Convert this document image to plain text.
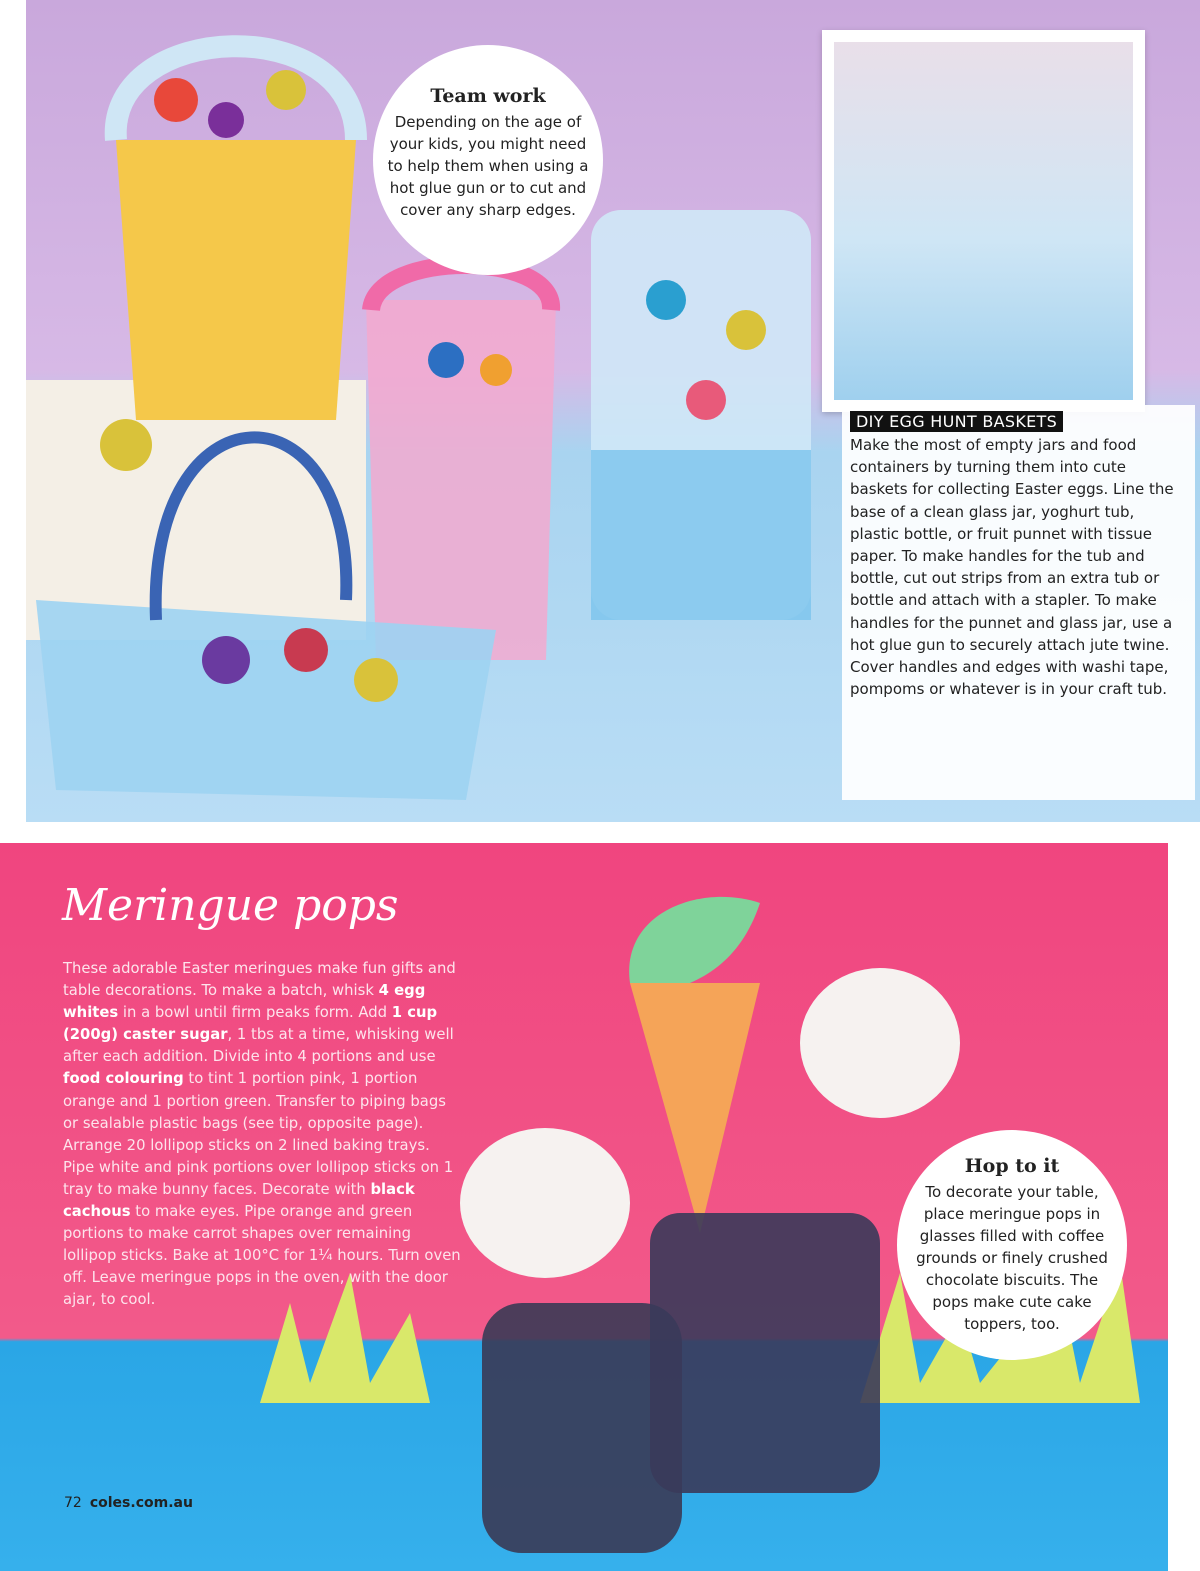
Team work

Depending on the age of your kids, you might need to help them when using a hot glue gun or to cut and cover any sharp edges.

DIY EGG HUNT BASKETS

Make the most of empty jars and food containers by turning them into cute baskets for collecting Easter eggs. Line the base of a clean glass jar, yoghurt tub, plastic bottle, or fruit punnet with tissue paper. To make handles for the tub and bottle, cut out strips from an extra tub or bottle and attach with a stapler. To make handles for the punnet and glass jar, use a hot glue gun to securely attach jute twine. Cover handles and edges with washi tape, pompoms or whatever is in your craft tub.

Meringue pops
These adorable Easter meringues make fun gifts and table decorations. To make a batch, whisk 4 egg whites in a bowl until firm peaks form. Add 1 cup (200g) caster sugar, 1 tbs at a time, whisking well after each addition. Divide into 4 portions and use food colouring to tint 1 portion pink, 1 portion orange and 1 portion green. Transfer to piping bags or sealable plastic bags (see tip, opposite page). Arrange 20 lollipop sticks on 2 lined baking trays. Pipe white and pink portions over lollipop sticks on 1 tray to make bunny faces. Decorate with black cachous to make eyes. Pipe orange and green portions to make carrot shapes over remaining lollipop sticks. Bake at 100°C for 1¼ hours. Turn oven off. Leave meringue pops in the oven, with the door ajar, to cool.
Hop to it

To decorate your table, place meringue pops in glasses filled with coffee grounds or finely crushed chocolate biscuits. The pops make cute cake toppers, too.

72 coles.com.au
